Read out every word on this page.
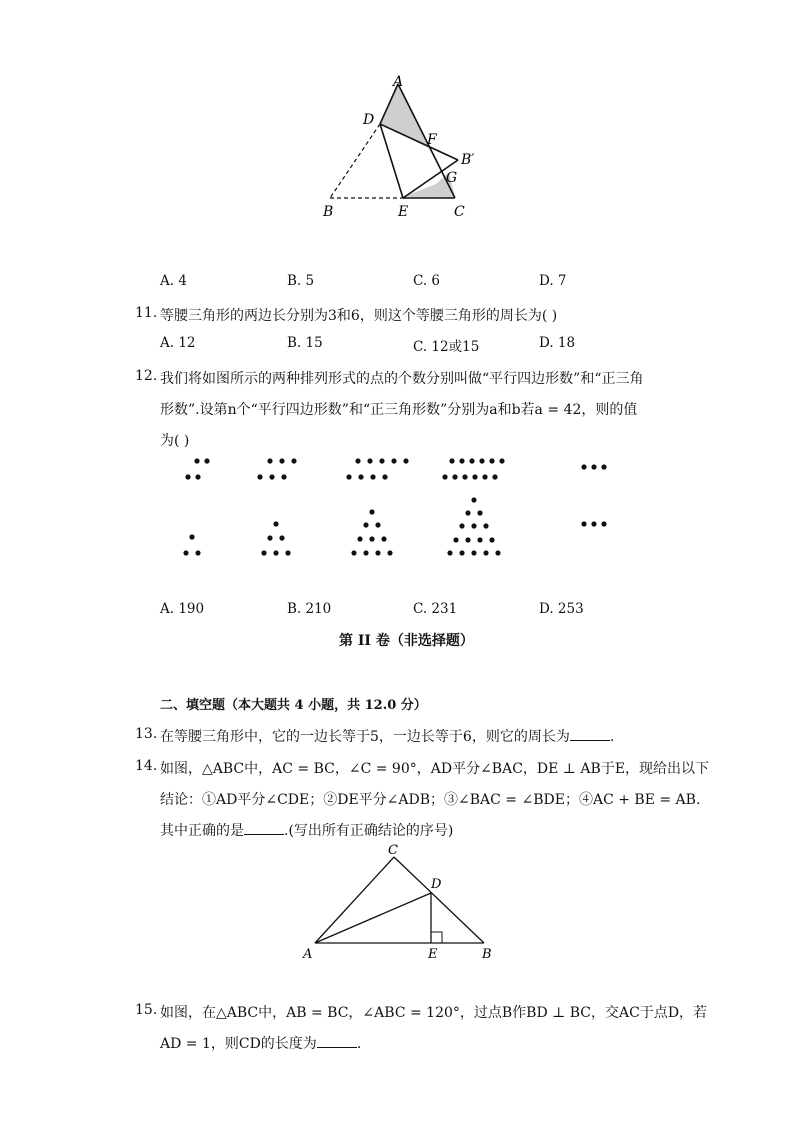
A
D
F
B′
G
B	E	C
A. 4	B. 5	C. 6	D. 7
11. 等腰三角形的两边长分别为3和6，则这个等腰三角形的周长为( )
A. 12	B. 15	C. 12或15	D. 18
12. 我们将如图所示的两种排列形式的点的个数分别叫做“平行四边形数”和“正三角
形数”.设第n个“平行四边形数”和“正三角形数”分别为a和b若a = 42，则的值
为( )
A. 190	B. 210	C. 231	D. 253
第 II 卷（非选择题）
二、填空题（本大题共 4 小题，共 12.0 分）
13. 在等腰三角形中，它的一边长等于5，一边长等于6，则它的周长为	.
14. 如图，△ABC中，AC = BC，∠C = 90°，AD平分∠BAC，DE ⊥ AB于E，现给出以下
结论：①AD平分∠CDE；②DE平分∠ADB；③∠BAC = ∠BDE；④AC + BE = AB.
其中正确的是	.(写出所有正确结论的序号)
C
D
A	E	B
15. 如图，在△ABC中，AB = BC，∠ABC = 120°，过点B作BD ⊥ BC，交AC于点D，若
AD = 1，则CD的长度为	.
